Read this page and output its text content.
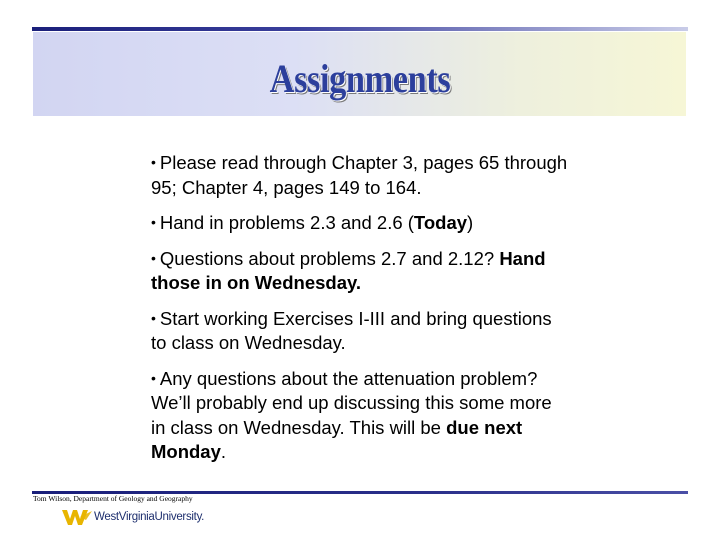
Assignments
• Please read through Chapter 3, pages 65 through 95; Chapter 4, pages 149 to 164.
• Hand in problems 2.3 and 2.6 (Today)
• Questions about problems 2.7 and 2.12? Hand those in on Wednesday.
• Start working Exercises I-III and bring questions to class on Wednesday.
• Any questions about the attenuation problem? We’ll probably end up discussing this some more in class on Wednesday. This will be due next Monday.
Tom Wilson, Department of Geology and Geography
WestVirginiaUniversity.
